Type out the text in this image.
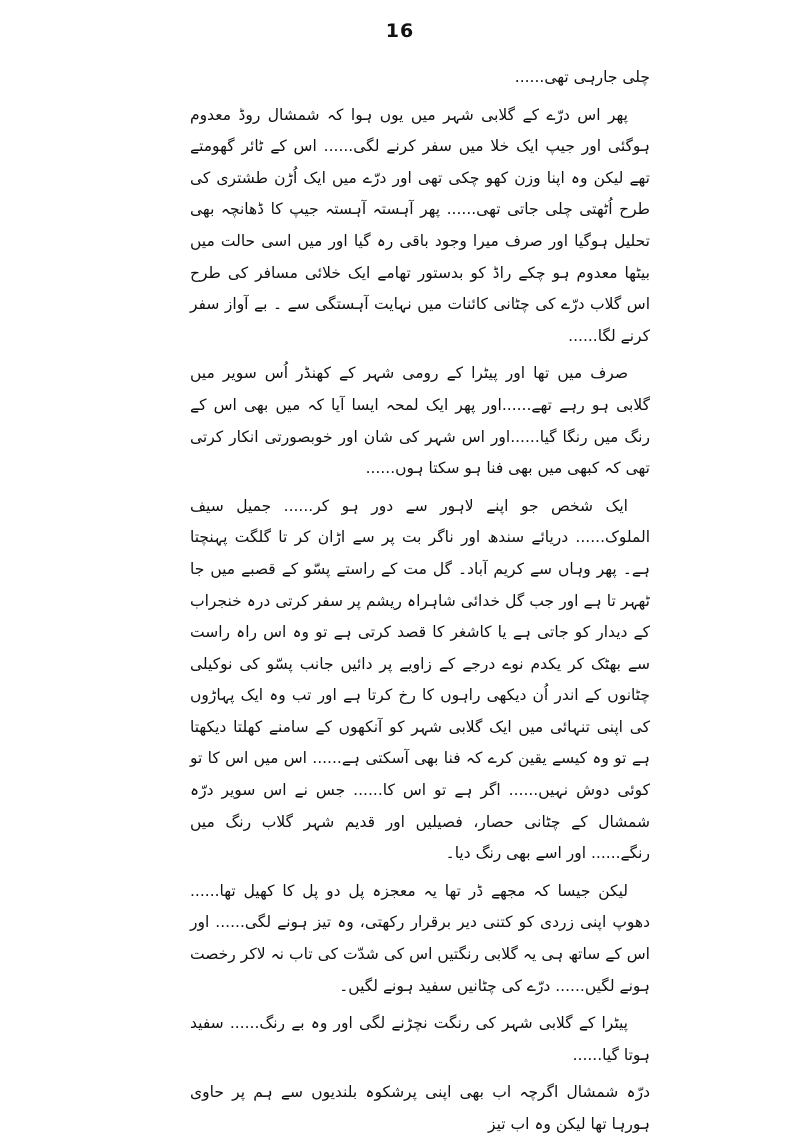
16

چلی جارہی تھی......

پھر اس درّے کے گلابی شہر میں یوں ہوا کہ شمشال روڈ معدوم ہوگئی اور جیپ ایک خلا میں سفر کرنے لگی...... اس کے ٹائر گھومتے تھے لیکن وہ اپنا وزن کھو چکی تھی اور درّے میں ایک اُڑن طشتری کی طرح اُٹھتی چلی جاتی تھی...... پھر آہستہ آہستہ جیپ کا ڈھانچہ بھی تحلیل ہوگیا اور صرف میرا وجود باقی رہ گیا اور میں اسی حالت میں بیٹھا معدوم ہو چکے راڈ کو بدستور تھامے ایک خلائی مسافر کی طرح اس گلاب درّے کی چٹانی کائنات میں نہایت آہستگی سے ۔ بے آواز سفر کرنے لگا......

صرف میں تھا اور پیٹرا کے رومی شہر کے کھنڈر اُس سویر میں گلابی ہو رہے تھے......اور پھر ایک لمحہ ایسا آیا کہ میں بھی اس کے رنگ میں رنگا گیا......اور اس شہر کی شان اور خوبصورتی انکار کرتی تھی کہ کبھی میں بھی فنا ہو سکتا ہوں......

ایک شخص جو اپنے لاہور سے دور ہو کر...... جمیل سیف الملوک...... دریائے سندھ اور ناگر بت پر سے اڑان کر تا گلگت پہنچتا ہے۔ پھر وہاں سے کریم آباد۔ گل مت کے راستے پسّو کے قصبے میں جا ٹھہر تا ہے اور جب گل خدائی شاہراہ ریشم پر سفر کرتی درہ خنجراب کے دیدار کو جاتی ہے یا کاشغر کا قصد کرتی ہے تو وہ اس راہ راست سے بھٹک کر یکدم نوے درجے کے زاویے پر دائیں جانب پسّو کی نوکیلی چٹانوں کے اندر اُن دیکھی راہوں کا رخ کرتا ہے اور تب وہ ایک پہاڑوں کی اپنی تنہائی میں ایک گلابی شہر کو آنکھوں کے سامنے کھلتا دیکھتا ہے تو وہ کیسے یقین کرے کہ فنا بھی آسکتی ہے...... اس میں اس کا تو کوئی دوش نہیں...... اگر ہے تو اس کا...... جس نے اس سویر درّہ شمشال کے چٹانی حصار، فصیلیں اور قدیم شہر گلاب رنگ میں رنگے...... اور اسے بھی رنگ دیا۔

لیکن جیسا کہ مجھے ڈر تھا یہ معجزہ پل دو پل کا کھیل تھا...... دھوپ اپنی زردی کو کتنی دیر برقرار رکھتی، وہ تیز ہونے لگی...... اور اس کے ساتھ ہی یہ گلابی رنگتیں اس کی شدّت کی تاب نہ لاکر رخصت ہونے لگیں...... درّے کی چٹانیں سفید ہونے لگیں۔

پیٹرا کے گلابی شہر کی رنگت نچڑنے لگی اور وہ بے رنگ...... سفید ہوتا گیا......

درّہ شمشال اگرچہ اب بھی اپنی پرشکوہ بلندیوں سے ہم پر حاوی ہورہا تھا لیکن وہ اب تیز
